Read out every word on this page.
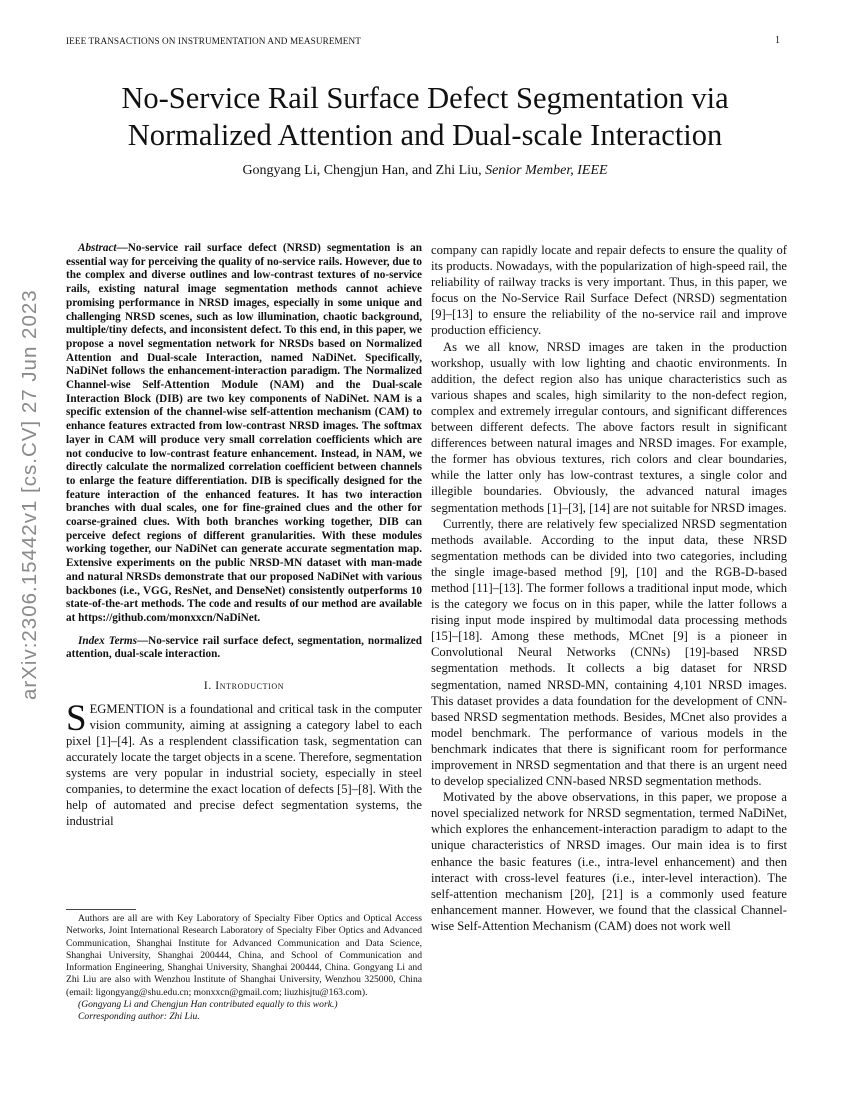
IEEE TRANSACTIONS ON INSTRUMENTATION AND MEASUREMENT	1
arXiv:2306.15442v1 [cs.CV] 27 Jun 2023
No-Service Rail Surface Defect Segmentation via
Normalized Attention and Dual-scale Interaction
Gongyang Li, Chengjun Han, and Zhi Liu, Senior Member, IEEE

Abstract—No-service rail surface defect (NRSD) segmentation is an essential way for perceiving the quality of no-service rails. However, due to the complex and diverse outlines and low-contrast textures of no-service rails, existing natural image segmentation methods cannot achieve promising performance in NRSD images, especially in some unique and challenging NRSD scenes, such as low illumination, chaotic background, multiple/tiny defects, and inconsistent defect. To this end, in this paper, we propose a novel segmentation network for NRSDs based on Normalized Attention and Dual-scale Interaction, named NaDiNet. Specifically, NaDiNet follows the enhancement-interaction paradigm. The Normalized Channel-wise Self-Attention Module (NAM) and the Dual-scale Interaction Block (DIB) are two key components of NaDiNet. NAM is a specific extension of the channel-wise self-attention mechanism (CAM) to enhance features extracted from low-contrast NRSD images. The softmax layer in CAM will produce very small correlation coefficients which are not conducive to low-contrast feature enhancement. Instead, in NAM, we directly calculate the normalized correlation coefficient between channels to enlarge the feature differentiation. DIB is specifically designed for the feature interaction of the enhanced features. It has two interaction branches with dual scales, one for fine-grained clues and the other for coarse-grained clues. With both branches working together, DIB can perceive defect regions of different granularities. With these modules working together, our NaDiNet can generate accurate segmentation map. Extensive experiments on the public NRSD-MN dataset with man-made and natural NRSDs demonstrate that our proposed NaDiNet with various backbones (i.e., VGG, ResNet, and DenseNet) consistently outperforms 10 state-of-the-art methods. The code and results of our method are available at https://github.com/monxxcn/NaDiNet.

Index Terms—No-service rail surface defect, segmentation, normalized attention, dual-scale interaction.

I. Introduction

SEGMENTION is a foundational and critical task in the computer vision community, aiming at assigning a category label to each pixel [1]–[4]. As a resplendent classification task, segmentation can accurately locate the target objects in a scene. Therefore, segmentation systems are very popular in industrial society, especially in steel companies, to determine the exact location of defects [5]–[8]. With the help of automated and precise defect segmentation systems, the industrial

Authors are all are with Key Laboratory of Specialty Fiber Optics and Optical Access Networks, Joint International Research Laboratory of Specialty Fiber Optics and Advanced Communication, Shanghai Institute for Advanced Communication and Data Science, Shanghai University, Shanghai 200444, China, and School of Communication and Information Engineering, Shanghai University, Shanghai 200444, China. Gongyang Li and Zhi Liu are also with Wenzhou Institute of Shanghai University, Wenzhou 325000, China (email: ligongyang@shu.edu.cn; monxxcn@gmail.com; liuzhisjtu@163.com).

(Gongyang Li and Chengjun Han contributed equally to this work.)

Corresponding author: Zhi Liu.

company can rapidly locate and repair defects to ensure the quality of its products. Nowadays, with the popularization of high-speed rail, the reliability of railway tracks is very important. Thus, in this paper, we focus on the No-Service Rail Surface Defect (NRSD) segmentation [9]–[13] to ensure the reliability of the no-service rail and improve production efficiency.

As we all know, NRSD images are taken in the production workshop, usually with low lighting and chaotic environments. In addition, the defect region also has unique characteristics such as various shapes and scales, high similarity to the non-defect region, complex and extremely irregular contours, and significant differences between different defects. The above factors result in significant differences between natural images and NRSD images. For example, the former has obvious textures, rich colors and clear boundaries, while the latter only has low-contrast textures, a single color and illegible boundaries. Obviously, the advanced natural images segmentation methods [1]–[3], [14] are not suitable for NRSD images.

Currently, there are relatively few specialized NRSD segmentation methods available. According to the input data, these NRSD segmentation methods can be divided into two categories, including the single image-based method [9], [10] and the RGB-D-based method [11]–[13]. The former follows a traditional input mode, which is the category we focus on in this paper, while the latter follows a rising input mode inspired by multimodal data processing methods [15]–[18]. Among these methods, MCnet [9] is a pioneer in Convolutional Neural Networks (CNNs) [19]-based NRSD segmentation methods. It collects a big dataset for NRSD segmentation, named NRSD-MN, containing 4,101 NRSD images. This dataset provides a data foundation for the development of CNN-based NRSD segmentation methods. Besides, MCnet also provides a model benchmark. The performance of various models in the benchmark indicates that there is significant room for performance improvement in NRSD segmentation and that there is an urgent need to develop specialized CNN-based NRSD segmentation methods.

Motivated by the above observations, in this paper, we propose a novel specialized network for NRSD segmentation, termed NaDiNet, which explores the enhancement-interaction paradigm to adapt to the unique characteristics of NRSD images. Our main idea is to first enhance the basic features (i.e., intra-level enhancement) and then interact with cross-level features (i.e., inter-level interaction). The self-attention mechanism [20], [21] is a commonly used feature enhancement manner. However, we found that the classical Channel-wise Self-Attention Mechanism (CAM) does not work well
